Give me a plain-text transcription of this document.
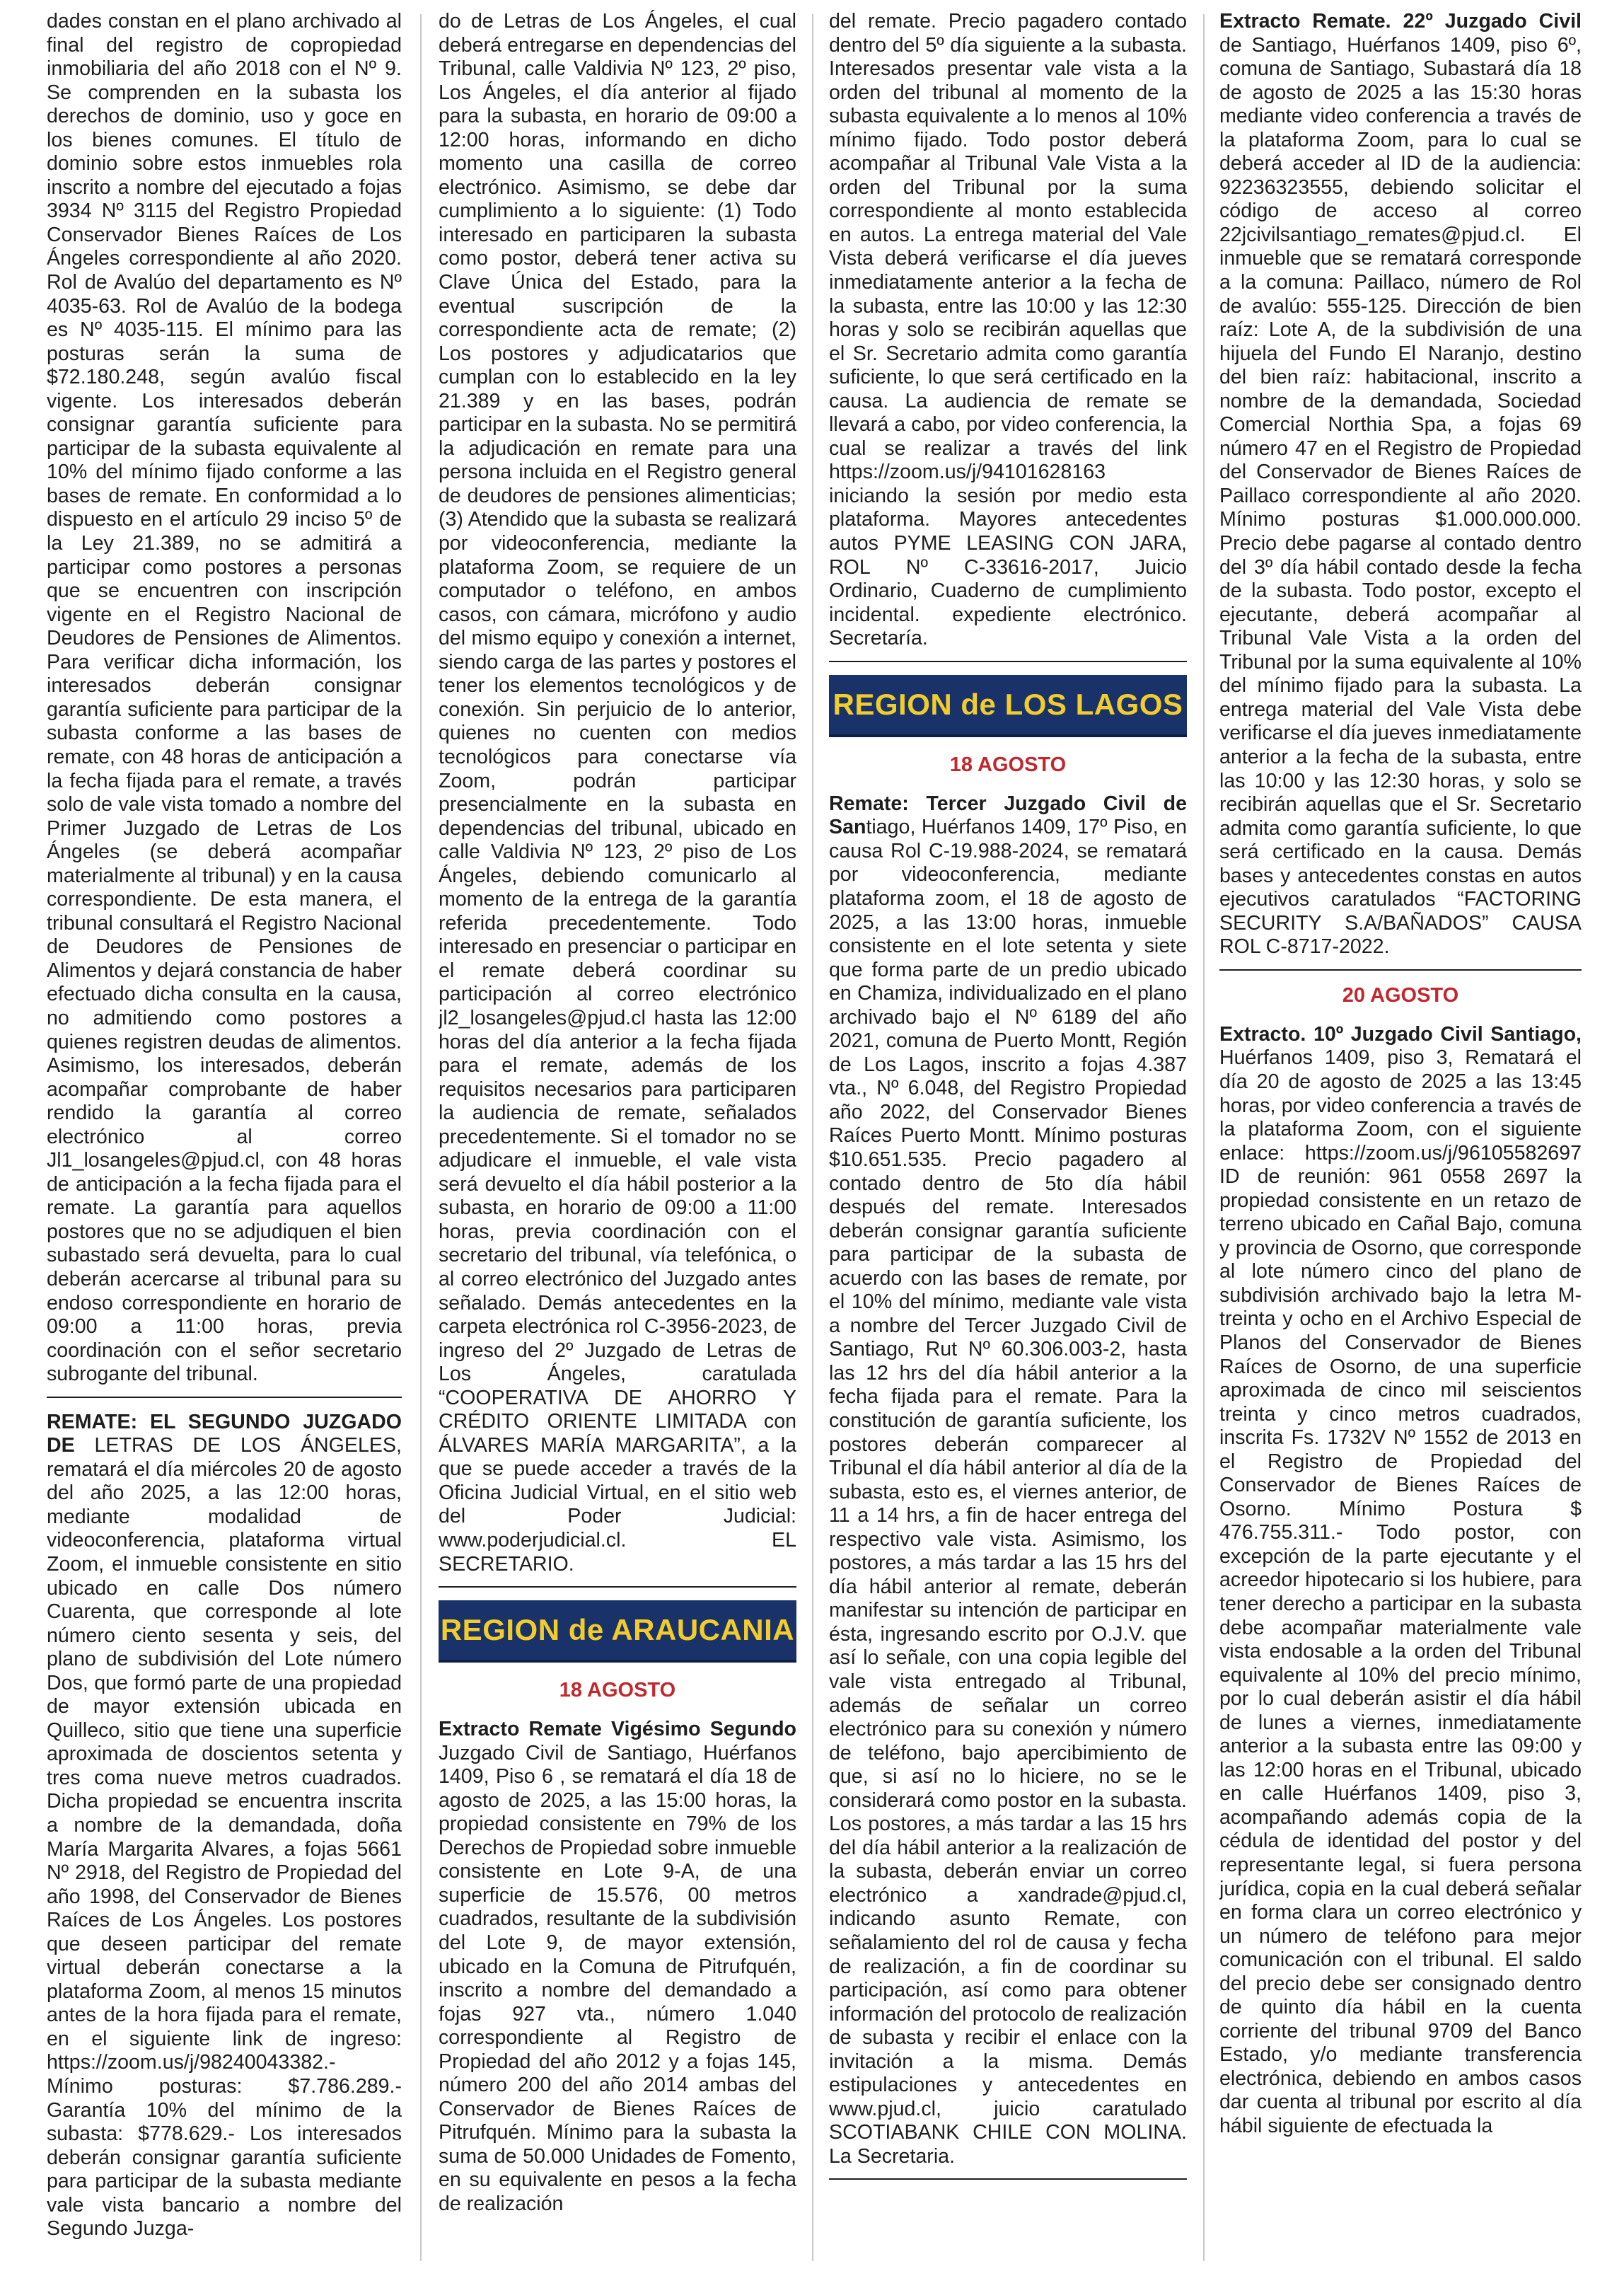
dades constan en el plano archivado al final del registro de copropiedad inmobiliaria del año 2018 con el Nº 9. Se comprenden en la subasta los derechos de dominio, uso y goce en los bienes comunes. El título de dominio sobre estos inmuebles rola inscrito a nombre del ejecutado a fojas 3934 Nº 3115 del Registro Propiedad Conservador Bienes Raíces de Los Ángeles correspondiente al año 2020. Rol de Avalúo del departamento es Nº 4035-63. Rol de Avalúo de la bodega es Nº 4035-115. El mínimo para las posturas serán la suma de $72.180.248, según avalúo fiscal vigente. Los interesados deberán consignar garantía suficiente para participar de la subasta equivalente al 10% del mínimo fijado conforme a las bases de remate. En conformidad a lo dispuesto en el artículo 29 inciso 5º de la Ley 21.389, no se admitirá a participar como postores a personas que se encuentren con inscripción vigente en el Registro Nacional de Deudores de Pensiones de Alimentos. Para verificar dicha información, los interesados deberán consignar garantía suficiente para participar de la subasta conforme a las bases de remate, con 48 horas de anticipación a la fecha fijada para el remate, a través solo de vale vista tomado a nombre del Primer Juzgado de Letras de Los Ángeles (se deberá acompañar materialmente al tribunal) y en la causa correspondiente. De esta manera, el tribunal consultará el Registro Nacional de Deudores de Pensiones de Alimentos y dejará constancia de haber efectuado dicha consulta en la causa, no admitiendo como postores a quienes registren deudas de alimentos. Asimismo, los interesados, deberán acompañar comprobante de haber rendido la garantía al correo electrónico al correo Jl1_losangeles@pjud.cl, con 48 horas de anticipación a la fecha fijada para el remate. La garantía para aquellos postores que no se adjudiquen el bien subastado será devuelta, para lo cual deberán acercarse al tribunal para su endoso correspondiente en horario de 09:00 a 11:00 horas, previa coordinación con el señor secretario subrogante del tribunal.

REMATE: EL SEGUNDO JUZGADO DE LETRAS DE LOS ÁNGELES, rematará el día miércoles 20 de agosto del año 2025, a las 12:00 horas, mediante modalidad de videoconferencia, plataforma virtual Zoom, el inmueble consistente en sitio ubicado en calle Dos número Cuarenta, que corresponde al lote número ciento sesenta y seis, del plano de subdivisión del Lote número Dos, que formó parte de una propiedad de mayor extensión ubicada en Quilleco, sitio que tiene una superficie aproximada de doscientos setenta y tres coma nueve metros cuadrados. Dicha propiedad se encuentra inscrita a nombre de la demandada, doña María Margarita Alvares, a fojas 5661 Nº 2918, del Registro de Propiedad del año 1998, del Conservador de Bienes Raíces de Los Ángeles. Los postores que deseen participar del remate virtual deberán conectarse a la plataforma Zoom, al menos 15 minutos antes de la hora fijada para el remate, en el siguiente link de ingreso: https://zoom.us/j/98240043382.- Mínimo posturas: $7.786.289.- Garantía 10% del mínimo de la subasta: $778.629.- Los interesados deberán consignar garantía suficiente para participar de la subasta mediante vale vista bancario a nombre del Segundo Juzga-

do de Letras de Los Ángeles, el cual deberá entregarse en dependencias del Tribunal, calle Valdivia Nº 123, 2º piso, Los Ángeles, el día anterior al fijado para la subasta, en horario de 09:00 a 12:00 horas, informando en dicho momento una casilla de correo electrónico. Asimismo, se debe dar cumplimiento a lo siguiente: (1) Todo interesado en participaren la subasta como postor, deberá tener activa su Clave Única del Estado, para la eventual suscripción de la correspondiente acta de remate; (2) Los postores y adjudicatarios que cumplan con lo establecido en la ley 21.389 y en las bases, podrán participar en la subasta. No se permitirá la adjudicación en remate para una persona incluida en el Registro general de deudores de pensiones alimenticias; (3) Atendido que la subasta se realizará por videoconferencia, mediante la plataforma Zoom, se requiere de un computador o teléfono, en ambos casos, con cámara, micrófono y audio del mismo equipo y conexión a internet, siendo carga de las partes y postores el tener los elementos tecnológicos y de conexión. Sin perjuicio de lo anterior, quienes no cuenten con medios tecnológicos para conectarse vía Zoom, podrán participar presencialmente en la subasta en dependencias del tribunal, ubicado en calle Valdivia Nº 123, 2º piso de Los Ángeles, debiendo comunicarlo al momento de la entrega de la garantía referida precedentemente. Todo interesado en presenciar o participar en el remate deberá coordinar su participación al correo electrónico jl2_losangeles@pjud.cl hasta las 12:00 horas del día anterior a la fecha fijada para el remate, además de los requisitos necesarios para participaren la audiencia de remate, señalados precedentemente. Si el tomador no se adjudicare el inmueble, el vale vista será devuelto el día hábil posterior a la subasta, en horario de 09:00 a 11:00 horas, previa coordinación con el secretario del tribunal, vía telefónica, o al correo electrónico del Juzgado antes señalado. Demás antecedentes en la carpeta electrónica rol C-3956-2023, de ingreso del 2º Juzgado de Letras de Los Ángeles, caratulada “COOPERATIVA DE AHORRO Y CRÉDITO ORIENTE LIMITADA con ÁLVARES MARÍA MARGARITA”, a la que se puede acceder a través de la Oficina Judicial Virtual, en el sitio web del Poder Judicial: www.poderjudicial.cl. EL SECRETARIO.

REGION de ARAUCANIA
18 AGOSTO

Extracto Remate Vigésimo Segundo Juzgado Civil de Santiago, Huérfanos 1409, Piso 6 , se rematará el día 18 de agosto de 2025, a las 15:00 horas, la propiedad consistente en 79% de los Derechos de Propiedad sobre inmueble consistente en Lote 9-A, de una superficie de 15.576, 00 metros cuadrados, resultante de la subdivisión del Lote 9, de mayor extensión, ubicado en la Comuna de Pitrufquén, inscrito a nombre del demandado a fojas 927 vta., número 1.040 correspondiente al Registro de Propiedad del año 2012 y a fojas 145, número 200 del año 2014 ambas del Conservador de Bienes Raíces de Pitrufquén. Mínimo para la subasta la suma de 50.000 Unidades de Fomento, en su equivalente en pesos a la fecha de realización

del remate. Precio pagadero contado dentro del 5º día siguiente a la subasta. Interesados presentar vale vista a la orden del tribunal al momento de la subasta equivalente a lo menos al 10% mínimo fijado. Todo postor deberá acompañar al Tribunal Vale Vista a la orden del Tribunal por la suma correspondiente al monto establecida en autos. La entrega material del Vale Vista deberá verificarse el día jueves inmediatamente anterior a la fecha de la subasta, entre las 10:00 y las 12:30 horas y solo se recibirán aquellas que el Sr. Secretario admita como garantía suficiente, lo que será certificado en la causa. La audiencia de remate se llevará a cabo, por video conferencia, la cual se realizar a través del link https://zoom.us/j/94101628163 iniciando la sesión por medio esta plataforma. Mayores antecedentes autos PYME LEASING CON JARA, ROL Nº C-33616-2017, Juicio Ordinario, Cuaderno de cumplimiento incidental. expediente electrónico. Secretaría.

REGION de LOS LAGOS
18 AGOSTO

Remate: Tercer Juzgado Civil de Santiago, Huérfanos 1409, 17º Piso, en causa Rol C-19.988-2024, se rematará por videoconferencia, mediante plataforma zoom, el 18 de agosto de 2025, a las 13:00 horas, inmueble consistente en el lote setenta y siete que forma parte de un predio ubicado en Chamiza, individualizado en el plano archivado bajo el Nº 6189 del año 2021, comuna de Puerto Montt, Región de Los Lagos, inscrito a fojas 4.387 vta., Nº 6.048, del Registro Propiedad año 2022, del Conservador Bienes Raíces Puerto Montt. Mínimo posturas $10.651.535. Precio pagadero al contado dentro de 5to día hábil después del remate. Interesados deberán consignar garantía suficiente para participar de la subasta de acuerdo con las bases de remate, por el 10% del mínimo, mediante vale vista a nombre del Tercer Juzgado Civil de Santiago, Rut Nº 60.306.003-2, hasta las 12 hrs del día hábil anterior a la fecha fijada para el remate. Para la constitución de garantía suficiente, los postores deberán comparecer al Tribunal el día hábil anterior al día de la subasta, esto es, el viernes anterior, de 11 a 14 hrs, a fin de hacer entrega del respectivo vale vista. Asimismo, los postores, a más tardar a las 15 hrs del día hábil anterior al remate, deberán manifestar su intención de participar en ésta, ingresando escrito por O.J.V. que así lo señale, con una copia legible del vale vista entregado al Tribunal, además de señalar un correo electrónico para su conexión y número de teléfono, bajo apercibimiento de que, si así no lo hiciere, no se le considerará como postor en la subasta. Los postores, a más tardar a las 15 hrs del día hábil anterior a la realización de la subasta, deberán enviar un correo electrónico a xandrade@pjud.cl, indicando asunto Remate, con señalamiento del rol de causa y fecha de realización, a fin de coordinar su participación, así como para obtener información del protocolo de realización de subasta y recibir el enlace con la invitación a la misma. Demás estipulaciones y antecedentes en www.pjud.cl, juicio caratulado SCOTIABANK CHILE CON MOLINA. La Secretaria.

Extracto Remate. 22º Juzgado Civil de Santiago, Huérfanos 1409, piso 6º, comuna de Santiago, Subastará día 18 de agosto de 2025 a las 15:30 horas mediante video conferencia a través de la plataforma Zoom, para lo cual se deberá acceder al ID de la audiencia: 92236323555, debiendo solicitar el código de acceso al correo 22jcivilsantiago_remates@pjud.cl. El inmueble que se rematará corresponde a la comuna: Paillaco, número de Rol de avalúo: 555-125. Dirección de bien raíz: Lote A, de la subdivisión de una hijuela del Fundo El Naranjo, destino del bien raíz: habitacional, inscrito a nombre de la demandada, Sociedad Comercial Northia Spa, a fojas 69 número 47 en el Registro de Propiedad del Conservador de Bienes Raíces de Paillaco correspondiente al año 2020. Mínimo posturas $1.000.000.000. Precio debe pagarse al contado dentro del 3º día hábil contado desde la fecha de la subasta. Todo postor, excepto el ejecutante, deberá acompañar al Tribunal Vale Vista a la orden del Tribunal por la suma equivalente al 10% del mínimo fijado para la subasta. La entrega material del Vale Vista debe verificarse el día jueves inmediatamente anterior a la fecha de la subasta, entre las 10:00 y las 12:30 horas, y solo se recibirán aquellas que el Sr. Secretario admita como garantía suficiente, lo que será certificado en la causa. Demás bases y antecedentes constas en autos ejecutivos caratulados “FACTORING SECURITY S.A/BAÑADOS” CAUSA ROL C-8717-2022.

20 AGOSTO

Extracto. 10º Juzgado Civil Santiago, Huérfanos 1409, piso 3, Rematará el día 20 de agosto de 2025 a las 13:45 horas, por video conferencia a través de la plataforma Zoom, con el siguiente enlace: https://zoom.us/j/96105582697 ID de reunión: 961 0558 2697 la propiedad consistente en un retazo de terreno ubicado en Cañal Bajo, comuna y provincia de Osorno, que corresponde al lote número cinco del plano de subdivisión archivado bajo la letra M-treinta y ocho en el Archivo Especial de Planos del Conservador de Bienes Raíces de Osorno, de una superficie aproximada de cinco mil seiscientos treinta y cinco metros cuadrados, inscrita Fs. 1732V Nº 1552 de 2013 en el Registro de Propiedad del Conservador de Bienes Raíces de Osorno. Mínimo Postura $ 476.755.311.- Todo postor, con excepción de la parte ejecutante y el acreedor hipotecario si los hubiere, para tener derecho a participar en la subasta debe acompañar materialmente vale vista endosable a la orden del Tribunal equivalente al 10% del precio mínimo, por lo cual deberán asistir el día hábil de lunes a viernes, inmediatamente anterior a la subasta entre las 09:00 y las 12:00 horas en el Tribunal, ubicado en calle Huérfanos 1409, piso 3, acompañando además copia de la cédula de identidad del postor y del representante legal, si fuera persona jurídica, copia en la cual deberá señalar en forma clara un correo electrónico y un número de teléfono para mejor comunicación con el tribunal. El saldo del precio debe ser consignado dentro de quinto día hábil en la cuenta corriente del tribunal 9709 del Banco Estado, y/o mediante transferencia electrónica, debiendo en ambos casos dar cuenta al tribunal por escrito al día hábil siguiente de efectuada la
